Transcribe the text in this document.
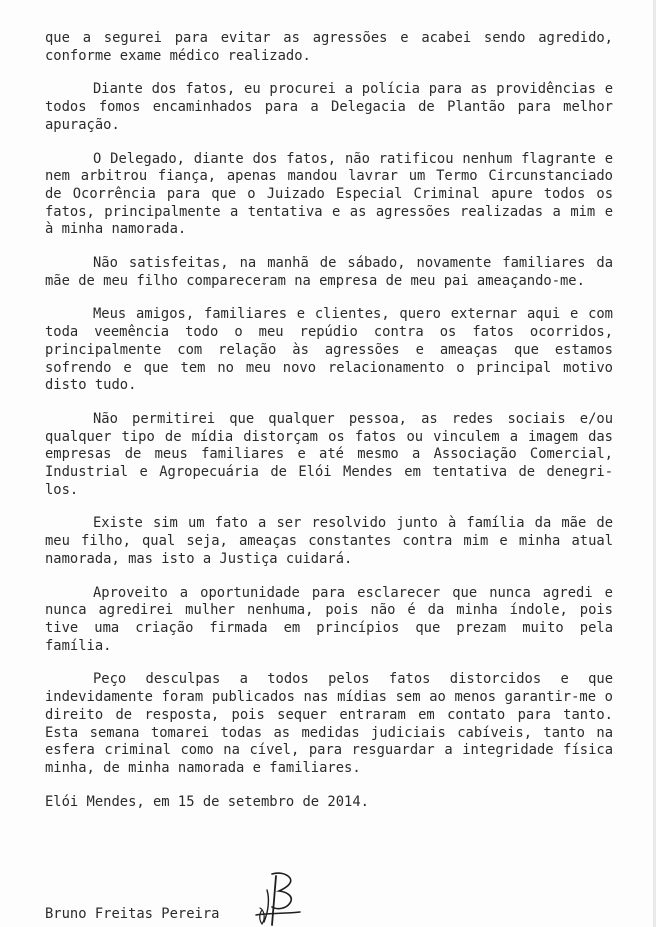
que a segurei para evitar as agressões e acabei sendo agredido, conforme exame médico realizado.

Diante dos fatos, eu procurei a polícia para as providências e todos fomos encaminhados para a Delegacia de Plantão para melhor apuração.

O Delegado, diante dos fatos, não ratificou nenhum flagrante e nem arbitrou fiança, apenas mandou lavrar um Termo Circunstanciado de Ocorrência para que o Juizado Especial Criminal apure todos os fatos, principalmente a tentativa e as agressões realizadas a mim e à minha namorada.

Não satisfeitas, na manhã de sábado, novamente familiares da mãe de meu filho compareceram na empresa de meu pai ameaçando-me.

Meus amigos, familiares e clientes, quero externar aqui e com toda veemência todo o meu repúdio contra os fatos ocorridos, principalmente com relação às agressões e ameaças que estamos sofrendo e que tem no meu novo relacionamento o principal motivo disto tudo.

Não permitirei que qualquer pessoa, as redes sociais e/ou qualquer tipo de mídia distorçam os fatos ou vinculem a imagem das empresas de meus familiares e até mesmo a Associação Comercial, Industrial e Agropecuária de Elói Mendes em tentativa de denegri-los.

Existe sim um fato a ser resolvido junto à família da mãe de meu filho, qual seja, ameaças constantes contra mim e minha atual namorada, mas isto a Justiça cuidará.

Aproveito a oportunidade para esclarecer que nunca agredi e nunca agredirei mulher nenhuma, pois não é da minha índole, pois tive uma criação firmada em princípios que prezam muito pela família.

Peço desculpas a todos pelos fatos distorcidos e que indevidamente foram publicados nas mídias sem ao menos garantir-me o direito de resposta, pois sequer entraram em contato para tanto. Esta semana tomarei todas as medidas judiciais cabíveis, tanto na esfera criminal como na cível, para resguardar a integridade física minha, de minha namorada e familiares.

Elói Mendes, em 15 de setembro de 2014.

Bruno Freitas Pereira
